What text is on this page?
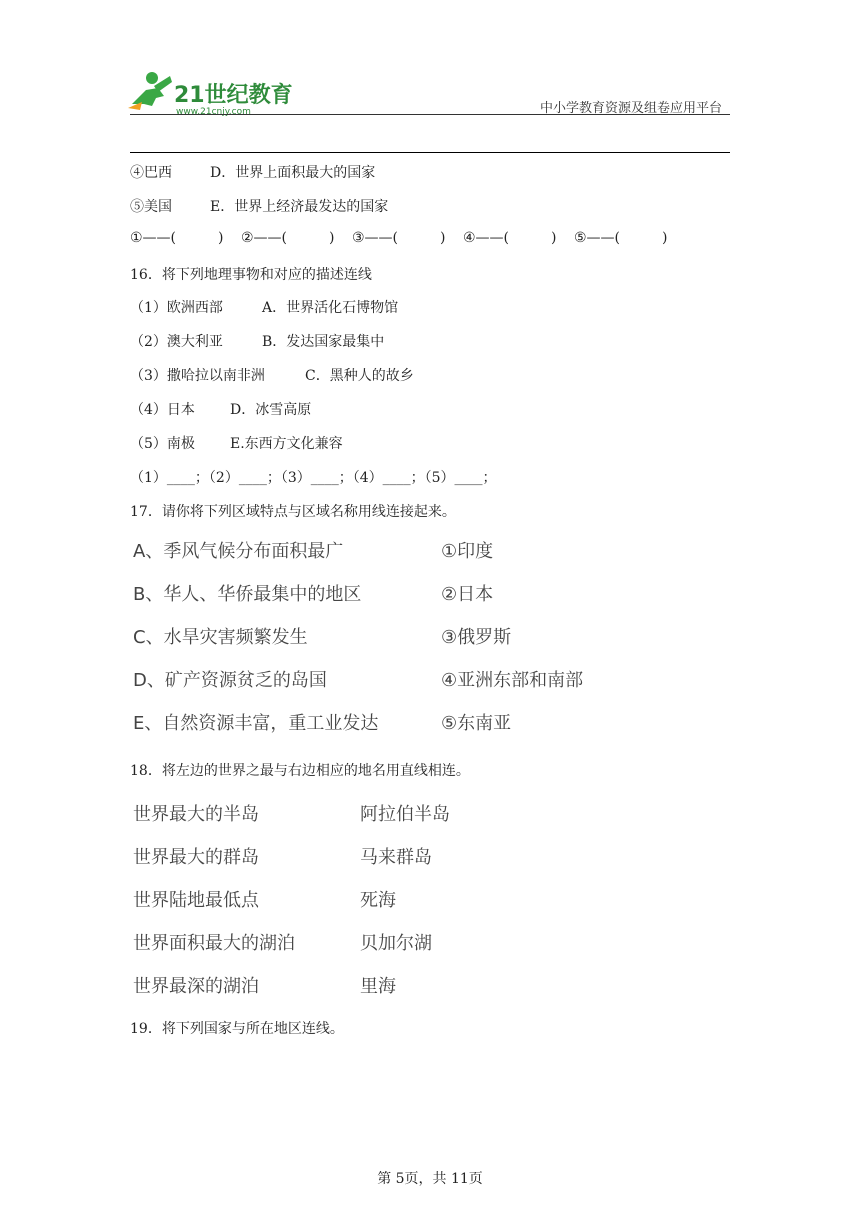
21世纪教育
www.21cnjy.com	中小学教育资源及组卷应用平台
④巴西	D．世界上面积最大的国家
⑤美国	E．世界上经济最发达的国家
①——(	) ②——(	) ③——(	) ④——(	) ⑤——(	)
16．将下列地理事物和对应的描述连线
（1）欧洲西部	A．世界活化石博物馆
（2）澳大利亚	B．发达国家最集中
（3）撒哈拉以南非洲	C．黑种人的故乡
（4）日本	D．冰雪高原
（5）南极	E.东西方文化兼容
（1）____；（2）____；（3）____；（4）____；（5）____；
17．请你将下列区域特点与区域名称用线连接起来。
A、季风气候分布面积最广	①印度
B、华人、华侨最集中的地区	②日本
C、水旱灾害频繁发生	③俄罗斯
D、矿产资源贫乏的岛国	④亚洲东部和南部
E、自然资源丰富，重工业发达	⑤东南亚
18．将左边的世界之最与右边相应的地名用直线相连。
世界最大的半岛	阿拉伯半岛
世界最大的群岛	马来群岛
世界陆地最低点	死海
世界面积最大的湖泊	贝加尔湖
世界最深的湖泊	里海
19．将下列国家与所在地区连线。
第 5页，共 11页
